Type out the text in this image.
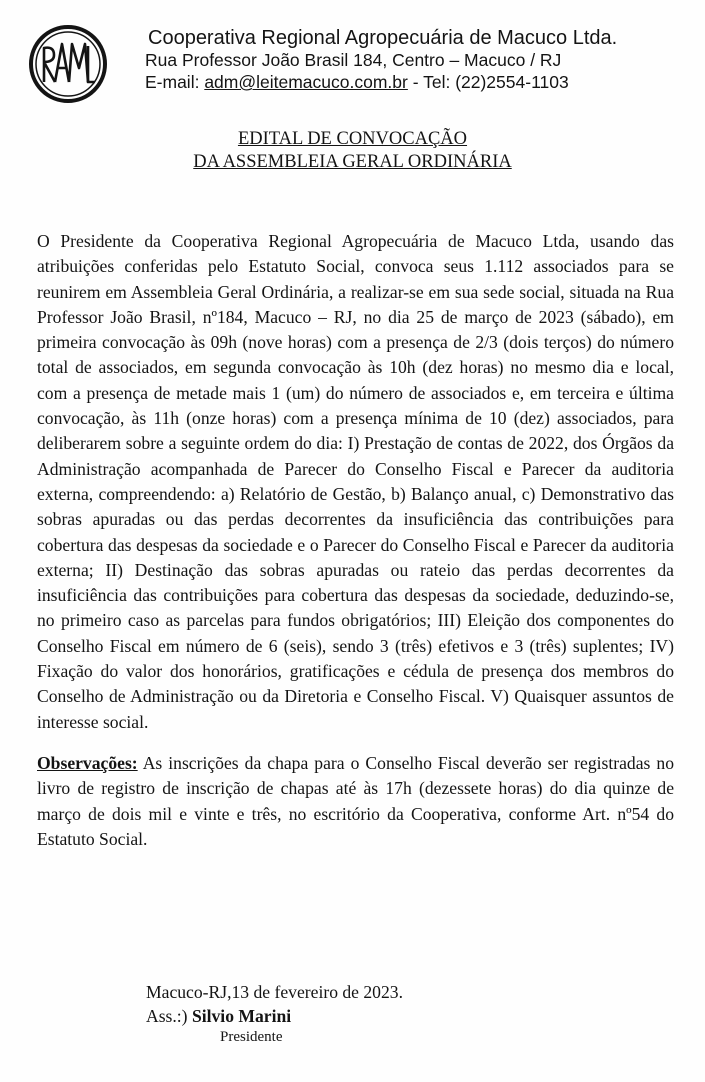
CRAM
Cooperativa Regional Agropecuária de Macuco Ltda.
Rua Professor João Brasil 184, Centro – Macuco / RJ
E-mail: adm@leitemacuco.com.br - Tel: (22)2554-1103
EDITAL DE CONVOCAÇÃO
DA ASSEMBLEIA GERAL ORDINÁRIA

O Presidente da Cooperativa Regional Agropecuária de Macuco Ltda, usando das atribuições conferidas pelo Estatuto Social, convoca seus 1.112 associados para se reunirem em Assembleia Geral Ordinária, a realizar-se em sua sede social, situada na Rua Professor João Brasil, nº184, Macuco – RJ, no dia 25 de março de 2023 (sábado), em primeira convocação às 09h (nove horas) com a presença de 2/3 (dois terços) do número total de associados, em segunda convocação às 10h (dez horas) no mesmo dia e local, com a presença de metade mais 1 (um) do número de associados e, em terceira e última convocação, às 11h (onze horas) com a presença mínima de 10 (dez) associados, para deliberarem sobre a seguinte ordem do dia: I) Prestação de contas de 2022, dos Órgãos da Administração acompanhada de Parecer do Conselho Fiscal e Parecer da auditoria externa, compreendendo: a) Relatório de Gestão, b) Balanço anual, c) Demonstrativo das sobras apuradas ou das perdas decorrentes da insuficiência das contribuições para cobertura das despesas da sociedade e o Parecer do Conselho Fiscal e Parecer da auditoria externa; II) Destinação das sobras apuradas ou rateio das perdas decorrentes da insuficiência das contribuições para cobertura das despesas da sociedade, deduzindo-se, no primeiro caso as parcelas para fundos obrigatórios; III) Eleição dos componentes do Conselho Fiscal em número de 6 (seis), sendo 3 (três) efetivos e 3 (três) suplentes; IV) Fixação do valor dos honorários, gratificações e cédula de presença dos membros do Conselho de Administração ou da Diretoria e Conselho Fiscal. V) Quaisquer assuntos de interesse social.

Observações: As inscrições da chapa para o Conselho Fiscal deverão ser registradas no livro de registro de inscrição de chapas até às 17h (dezessete horas) do dia quinze de março de dois mil e vinte e três, no escritório da Cooperativa, conforme Art. nº54 do Estatuto Social.

Macuco-RJ,13 de fevereiro de 2023.
Ass.:) Silvio Marini
Presidente
